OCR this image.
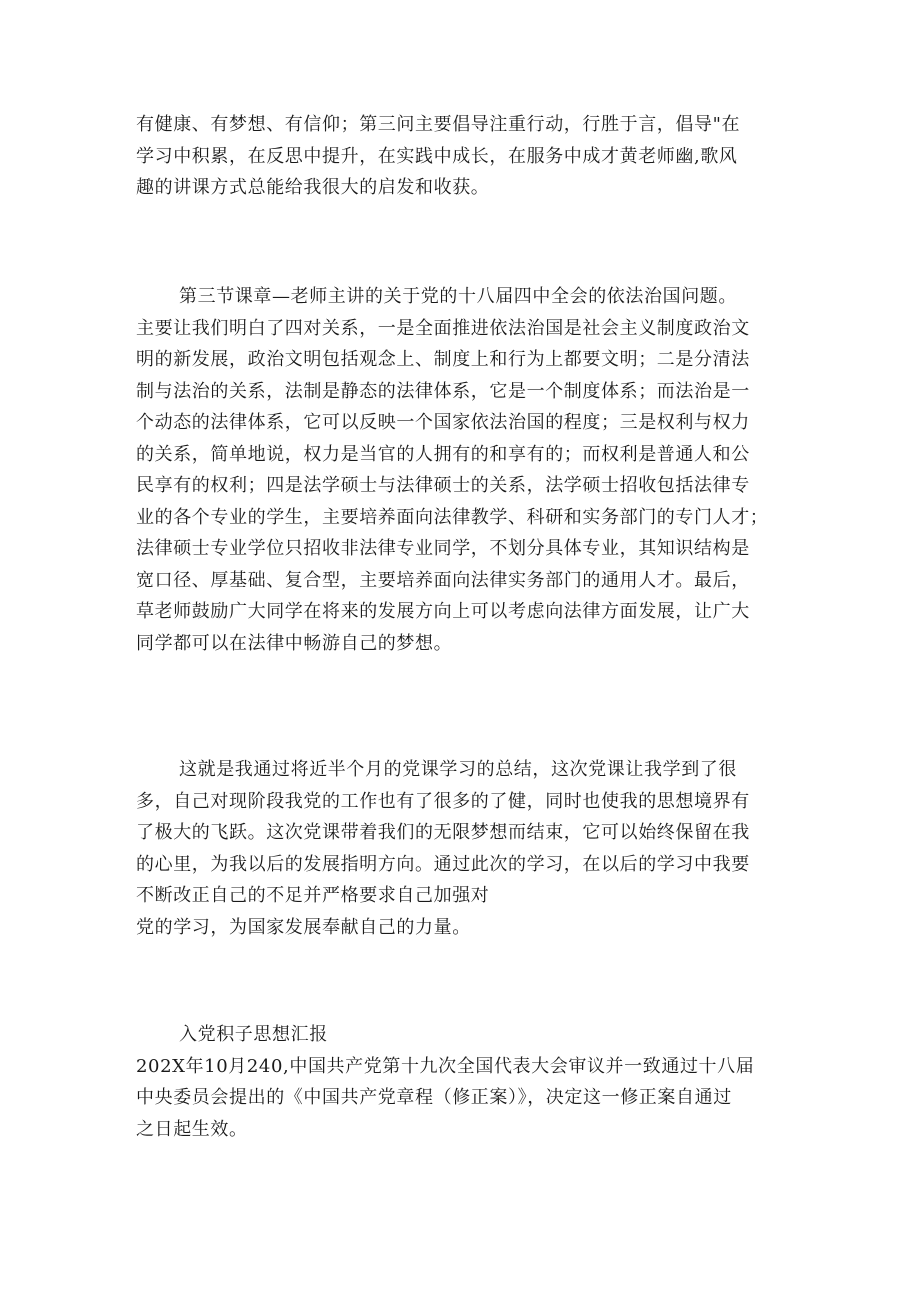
有健康、有梦想、有信仰；第三问主要倡导注重行动，行胜于言，倡导"在
学习中积累，在反思中提升，在实践中成长，在服务中成才黄老师幽,歌风
趣的讲课方式总能给我很大的启发和收获。
第三节课章—老师主讲的关于党的十八届四中全会的依法治国问题。
主要让我们明白了四对关系，一是全面推进依法治国是社会主义制度政治文
明的新发展，政治文明包括观念上、制度上和行为上都要文明；二是分清法
制与法治的关系，法制是静态的法律体系，它是一个制度体系；而法治是一
个动态的法律体系，它可以反映一个国家依法治国的程度；三是权利与权力
的关系，简单地说，权力是当官的人拥有的和享有的；而权利是普通人和公
民享有的权利；四是法学硕士与法律硕士的关系，法学硕士招收包括法律专
业的各个专业的学生，主要培养面向法律教学、科研和实务部门的专门人才；
法律硕士专业学位只招收非法律专业同学，不划分具体专业，其知识结构是
宽口径、厚基础、复合型，主要培养面向法律实务部门的通用人才。最后，
草老师鼓励广大同学在将来的发展方向上可以考虑向法律方面发展，让广大
同学都可以在法律中畅游自己的梦想。
这就是我通过将近半个月的党课学习的总结，这次党课让我学到了很
多，自己对现阶段我党的工作也有了很多的了健，同时也使我的思想境界有
了极大的飞跃。这次党课带着我们的无限梦想而结束，它可以始终保留在我
的心里，为我以后的发展指明方向。通过此次的学习，在以后的学习中我要
不断改正自己的不足并严格要求自己加强对
党的学习，为国家发展奉献自己的力量。
入党积子思想汇报
202X年10月240,中国共产党第十九次全国代表大会审议并一致通过十八届
中央委员会提出的《中国共产党章程（修正案）》，决定这一修正案自通过
之日起生效。
